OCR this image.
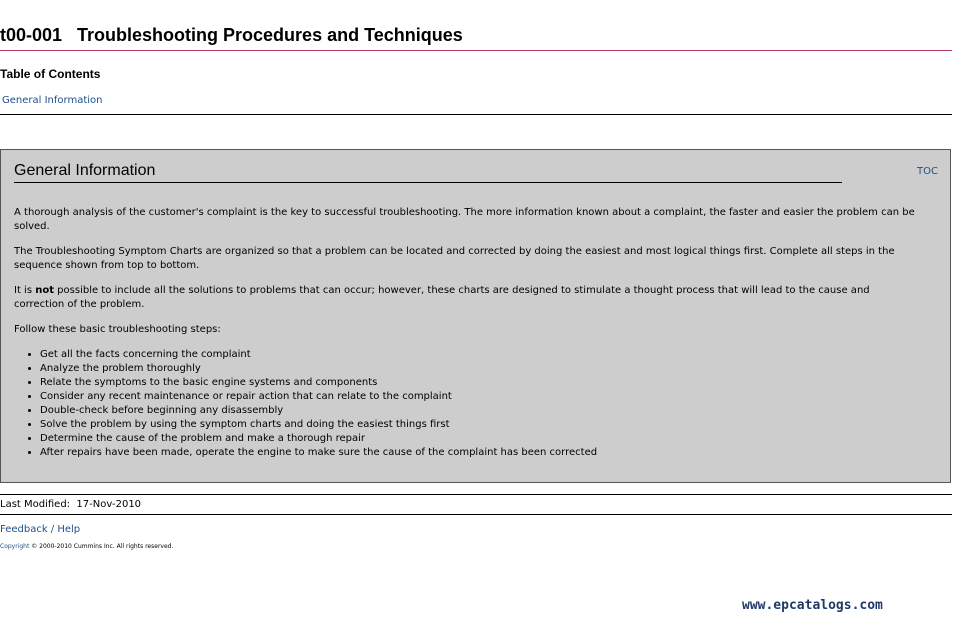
t00-001   Troubleshooting Procedures and Techniques
Table of Contents
General Information
General Information	TOC

A thorough analysis of the customer's complaint is the key to successful troubleshooting. The more information known about a complaint, the faster and easier the problem can be solved.

The Troubleshooting Symptom Charts are organized so that a problem can be located and corrected by doing the easiest and most logical things first. Complete all steps in the sequence shown from top to bottom.

It is not possible to include all the solutions to problems that can occur; however, these charts are designed to stimulate a thought process that will lead to the cause and correction of the problem.

Follow these basic troubleshooting steps:

• Get all the facts concerning the complaint
• Analyze the problem thoroughly
• Relate the symptoms to the basic engine systems and components
• Consider any recent maintenance or repair action that can relate to the complaint
• Double-check before beginning any disassembly
• Solve the problem by using the symptom charts and doing the easiest things first
• Determine the cause of the problem and make a thorough repair
• After repairs have been made, operate the engine to make sure the cause of the complaint has been corrected
Last Modified:  17-Nov-2010
Feedback / Help
Copyright © 2000-2010 Cummins Inc. All rights reserved.
www.epcatalogs.com
